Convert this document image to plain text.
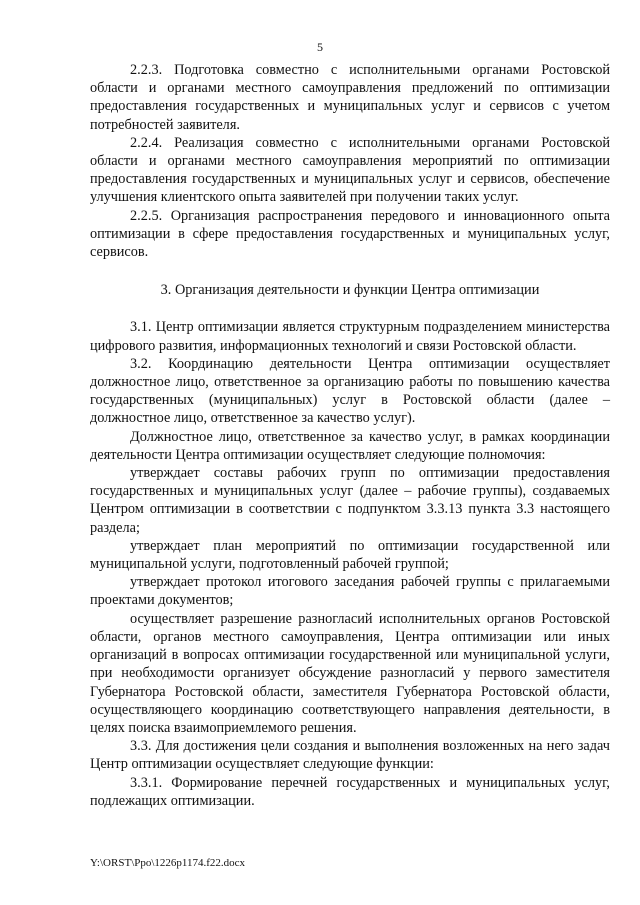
5

2.2.3. Подготовка совместно с исполнительными органами Ростовской области и органами местного самоуправления предложений по оптимизации предоставления государственных и муниципальных услуг и сервисов с учетом потребностей заявителя.

2.2.4. Реализация совместно с исполнительными органами Ростовской области и органами местного самоуправления мероприятий по оптимизации предоставления государственных и муниципальных услуг и сервисов, обеспечение улучшения клиентского опыта заявителей при получении таких услуг.

2.2.5. Организация распространения передового и инновационного опыта оптимизации в сфере предоставления государственных и муниципальных услуг, сервисов.

3. Организация деятельности и функции Центра оптимизации

3.1. Центр оптимизации является структурным подразделением министерства цифрового развития, информационных технологий и связи Ростовской области.

3.2. Координацию деятельности Центра оптимизации осуществляет должностное лицо, ответственное за организацию работы по повышению качества государственных (муниципальных) услуг в Ростовской области (далее – должностное лицо, ответственное за качество услуг).

Должностное лицо, ответственное за качество услуг, в рамках координации деятельности Центра оптимизации осуществляет следующие полномочия:

утверждает составы рабочих групп по оптимизации предоставления государственных и муниципальных услуг (далее – рабочие группы), создаваемых Центром оптимизации в соответствии с подпунктом 3.3.13 пункта 3.3 настоящего раздела;

утверждает план мероприятий по оптимизации государственной или муниципальной услуги, подготовленный рабочей группой;

утверждает протокол итогового заседания рабочей группы с прилагаемыми проектами документов;

осуществляет разрешение разногласий исполнительных органов Ростовской области, органов местного самоуправления, Центра оптимизации или иных организаций в вопросах оптимизации государственной или муниципальной услуги, при необходимости организует обсуждение разногласий у первого заместителя Губернатора Ростовской области, заместителя Губернатора Ростовской области, осуществляющего координацию соответствующего направления деятельности, в целях поиска взаимоприемлемого решения.

3.3. Для достижения цели создания и выполнения возложенных на него задач Центр оптимизации осуществляет следующие функции:

3.3.1. Формирование перечней государственных и муниципальных услуг, подлежащих оптимизации.

Y:\ORST\Ppo\1226p1174.f22.docx
